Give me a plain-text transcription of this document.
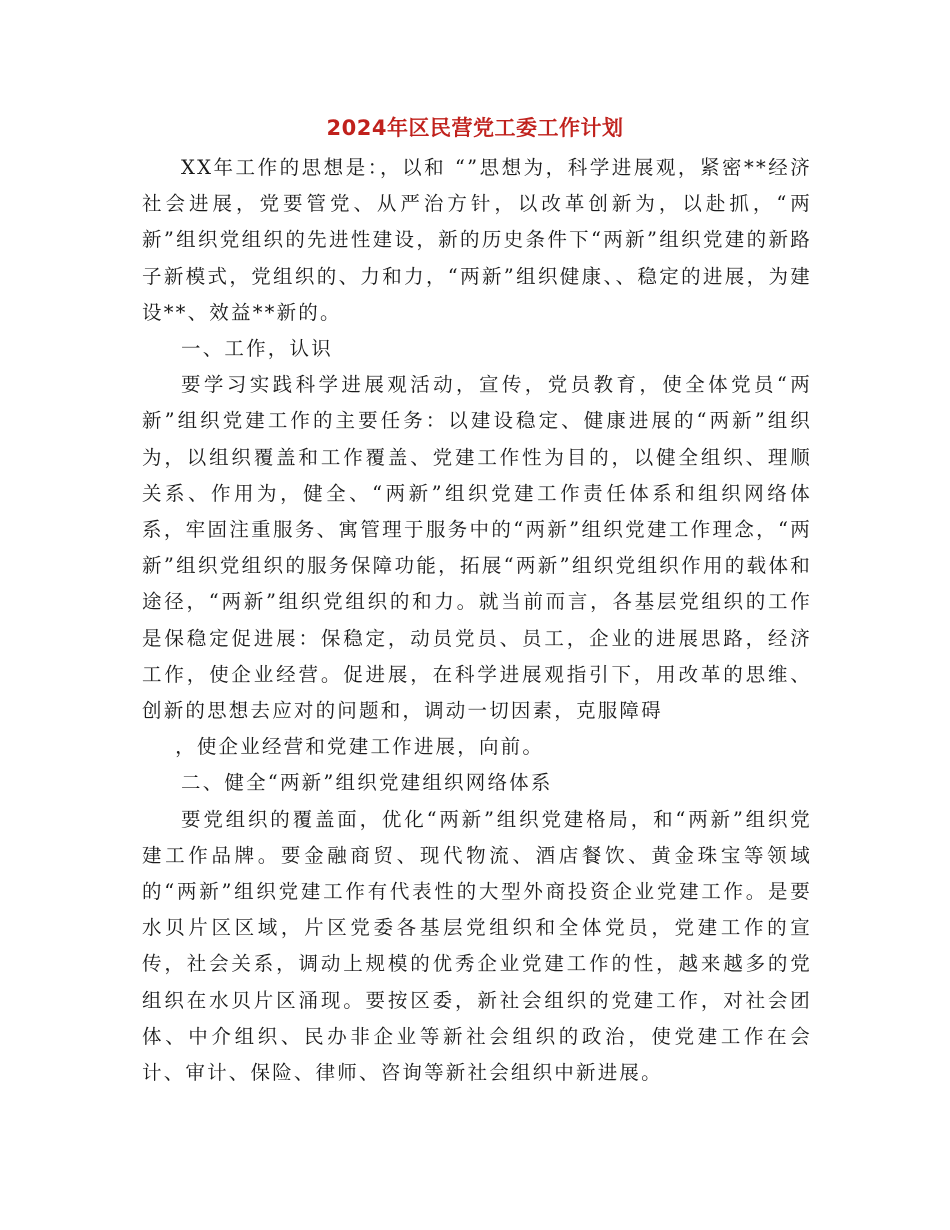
2024年区民营党工委工作计划

XX年工作的思想是：，以和 “”思想为，科学进展观，紧密**经济社会进展，党要管党、从严治方针，以改革创新为，以赴抓，“两新”组织党组织的先进性建设，新的历史条件下“两新”组织党建的新路子新模式，党组织的、力和力，“两新”组织健康、、稳定的进展，为建设**、效益**新的。

一、工作，认识

要学习实践科学进展观活动，宣传，党员教育，使全体党员“两新”组织党建工作的主要任务：以建设稳定、健康进展的“两新”组织为，以组织覆盖和工作覆盖、党建工作性为目的，以健全组织、理顺关系、作用为，健全、“两新”组织党建工作责任体系和组织网络体系，牢固注重服务、寓管理于服务中的“两新”组织党建工作理念，“两新”组织党组织的服务保障功能，拓展“两新”组织党组织作用的载体和途径，“两新”组织党组织的和力。就当前而言，各基层党组织的工作是保稳定促进展：保稳定，动员党员、员工，企业的进展思路，经济工作，使企业经营。促进展，在科学进展观指引下，用改革的思维、创新的思想去应对的问题和，调动一切因素，克服障碍

，使企业经营和党建工作进展，向前。

二、健全“两新”组织党建组织网络体系

要党组织的覆盖面，优化“两新”组织党建格局，和“两新”组织党建工作品牌。要金融商贸、现代物流、酒店餐饮、黄金珠宝等领域的“两新”组织党建工作有代表性的大型外商投资企业党建工作。是要水贝片区区域，片区党委各基层党组织和全体党员，党建工作的宣传，社会关系，调动上规模的优秀企业党建工作的性，越来越多的党组织在水贝片区涌现。要按区委，新社会组织的党建工作，对社会团体、中介组织、民办非企业等新社会组织的政治，使党建工作在会计、审计、保险、律师、咨询等新社会组织中新进展。
